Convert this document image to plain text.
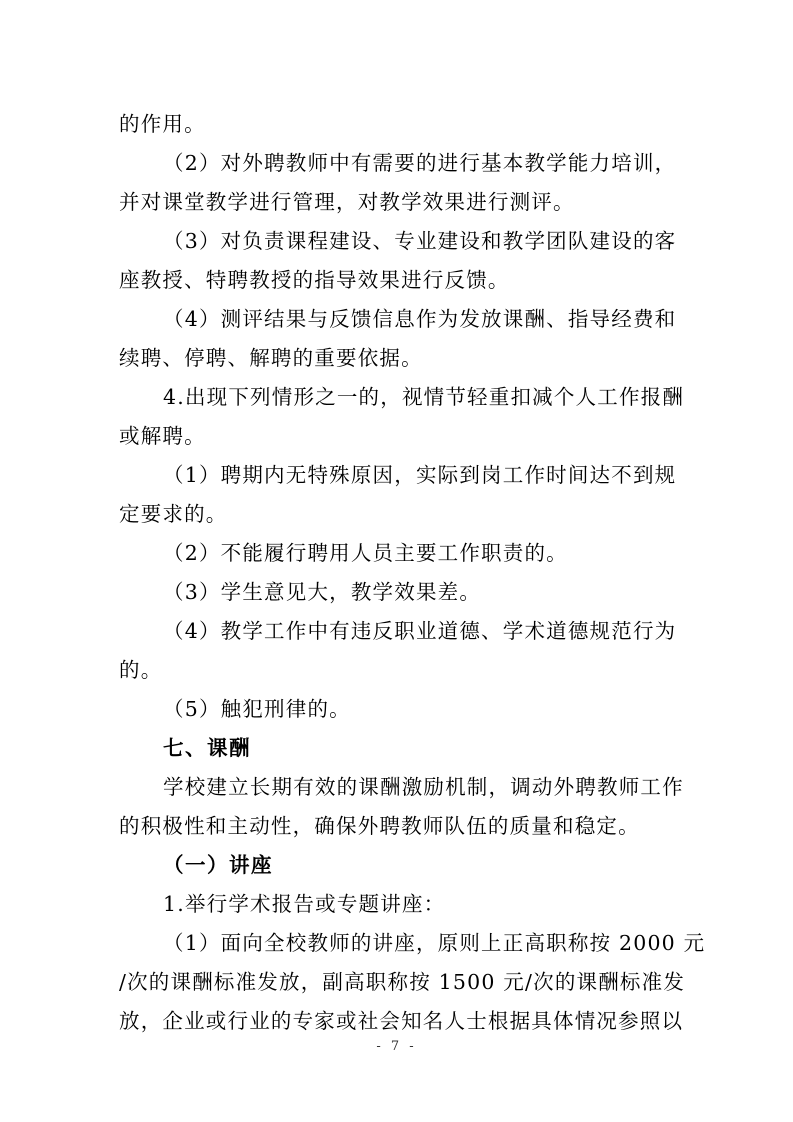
的作用。
（2）对外聘教师中有需要的进行基本教学能力培训，
并对课堂教学进行管理，对教学效果进行测评。
（3）对负责课程建设、专业建设和教学团队建设的客
座教授、特聘教授的指导效果进行反馈。
（4）测评结果与反馈信息作为发放课酬、指导经费和
续聘、停聘、解聘的重要依据。
4.出现下列情形之一的，视情节轻重扣减个人工作报酬
或解聘。
（1）聘期内无特殊原因，实际到岗工作时间达不到规
定要求的。
（2）不能履行聘用人员主要工作职责的。
（3）学生意见大，教学效果差。
（4）教学工作中有违反职业道德、学术道德规范行为
的。
（5）触犯刑律的。
七、课酬
学校建立长期有效的课酬激励机制，调动外聘教师工作
的积极性和主动性，确保外聘教师队伍的质量和稳定。
（一）讲座
1.举行学术报告或专题讲座：
（1）面向全校教师的讲座，原则上正高职称按 2000 元
/次的课酬标准发放，副高职称按 1500 元/次的课酬标准发
放，企业或行业的专家或社会知名人士根据具体情况参照以
- 7 -
